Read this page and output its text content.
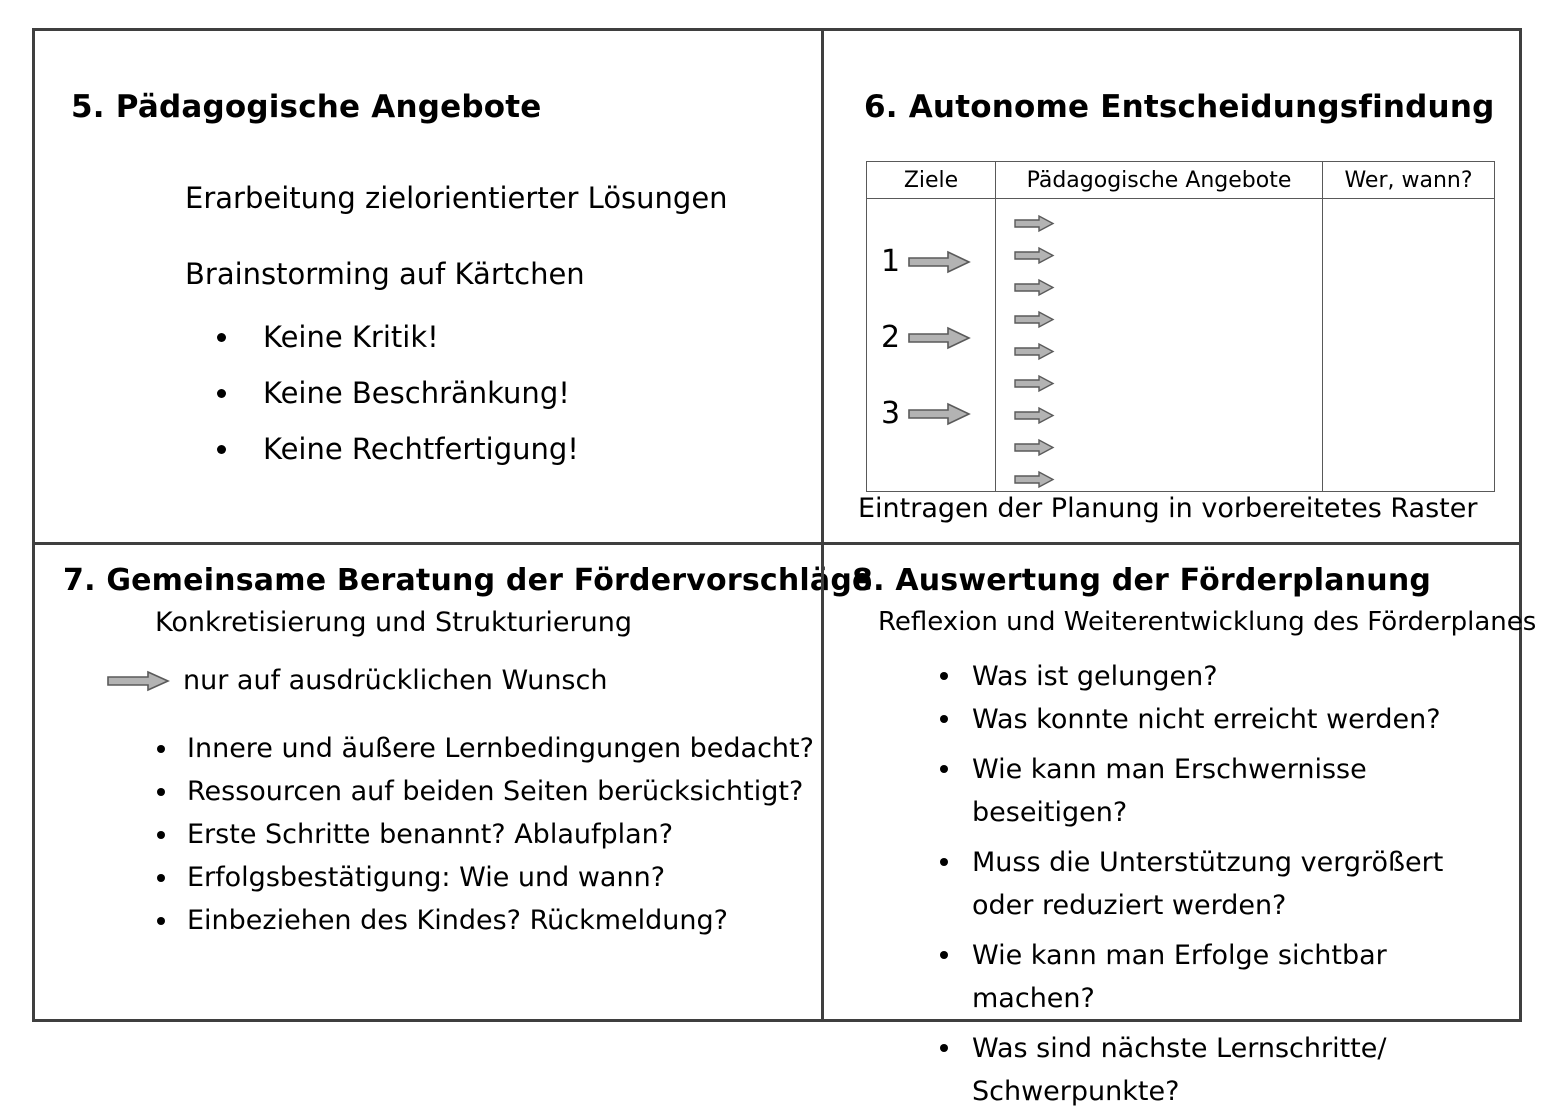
5. Pädagogische Angebote
Erarbeitung zielorientierter Lösungen
Brainstorming auf Kärtchen
Keine Kritik!
Keine Beschränkung!
Keine Rechtfertigung!
6. Autonome Entscheidungsfindung
Ziele	Pädagogische Angebote	Wer, wann?

1
2
3

Eintragen der Planung in vorbereitetes Raster
7. Gemeinsame Beratung der Fördervorschläge
Konkretisierung und Strukturierung
nur auf ausdrücklichen Wunsch
Innere und äußere Lernbedingungen bedacht?
Ressourcen auf beiden Seiten berücksichtigt?
Erste Schritte benannt? Ablaufplan?
Erfolgsbestätigung: Wie und wann?
Einbeziehen des Kindes? Rückmeldung?
8. Auswertung der Förderplanung
Reflexion und Weiterentwicklung des Förderplanes
Was ist gelungen?
Was konnte nicht erreicht werden?
Wie kann man Erschwernisse beseitigen?
Muss die Unterstützung vergrößert oder reduziert werden?
Wie kann man Erfolge sichtbar machen?
Was sind nächste Lernschritte/ Schwerpunkte?
